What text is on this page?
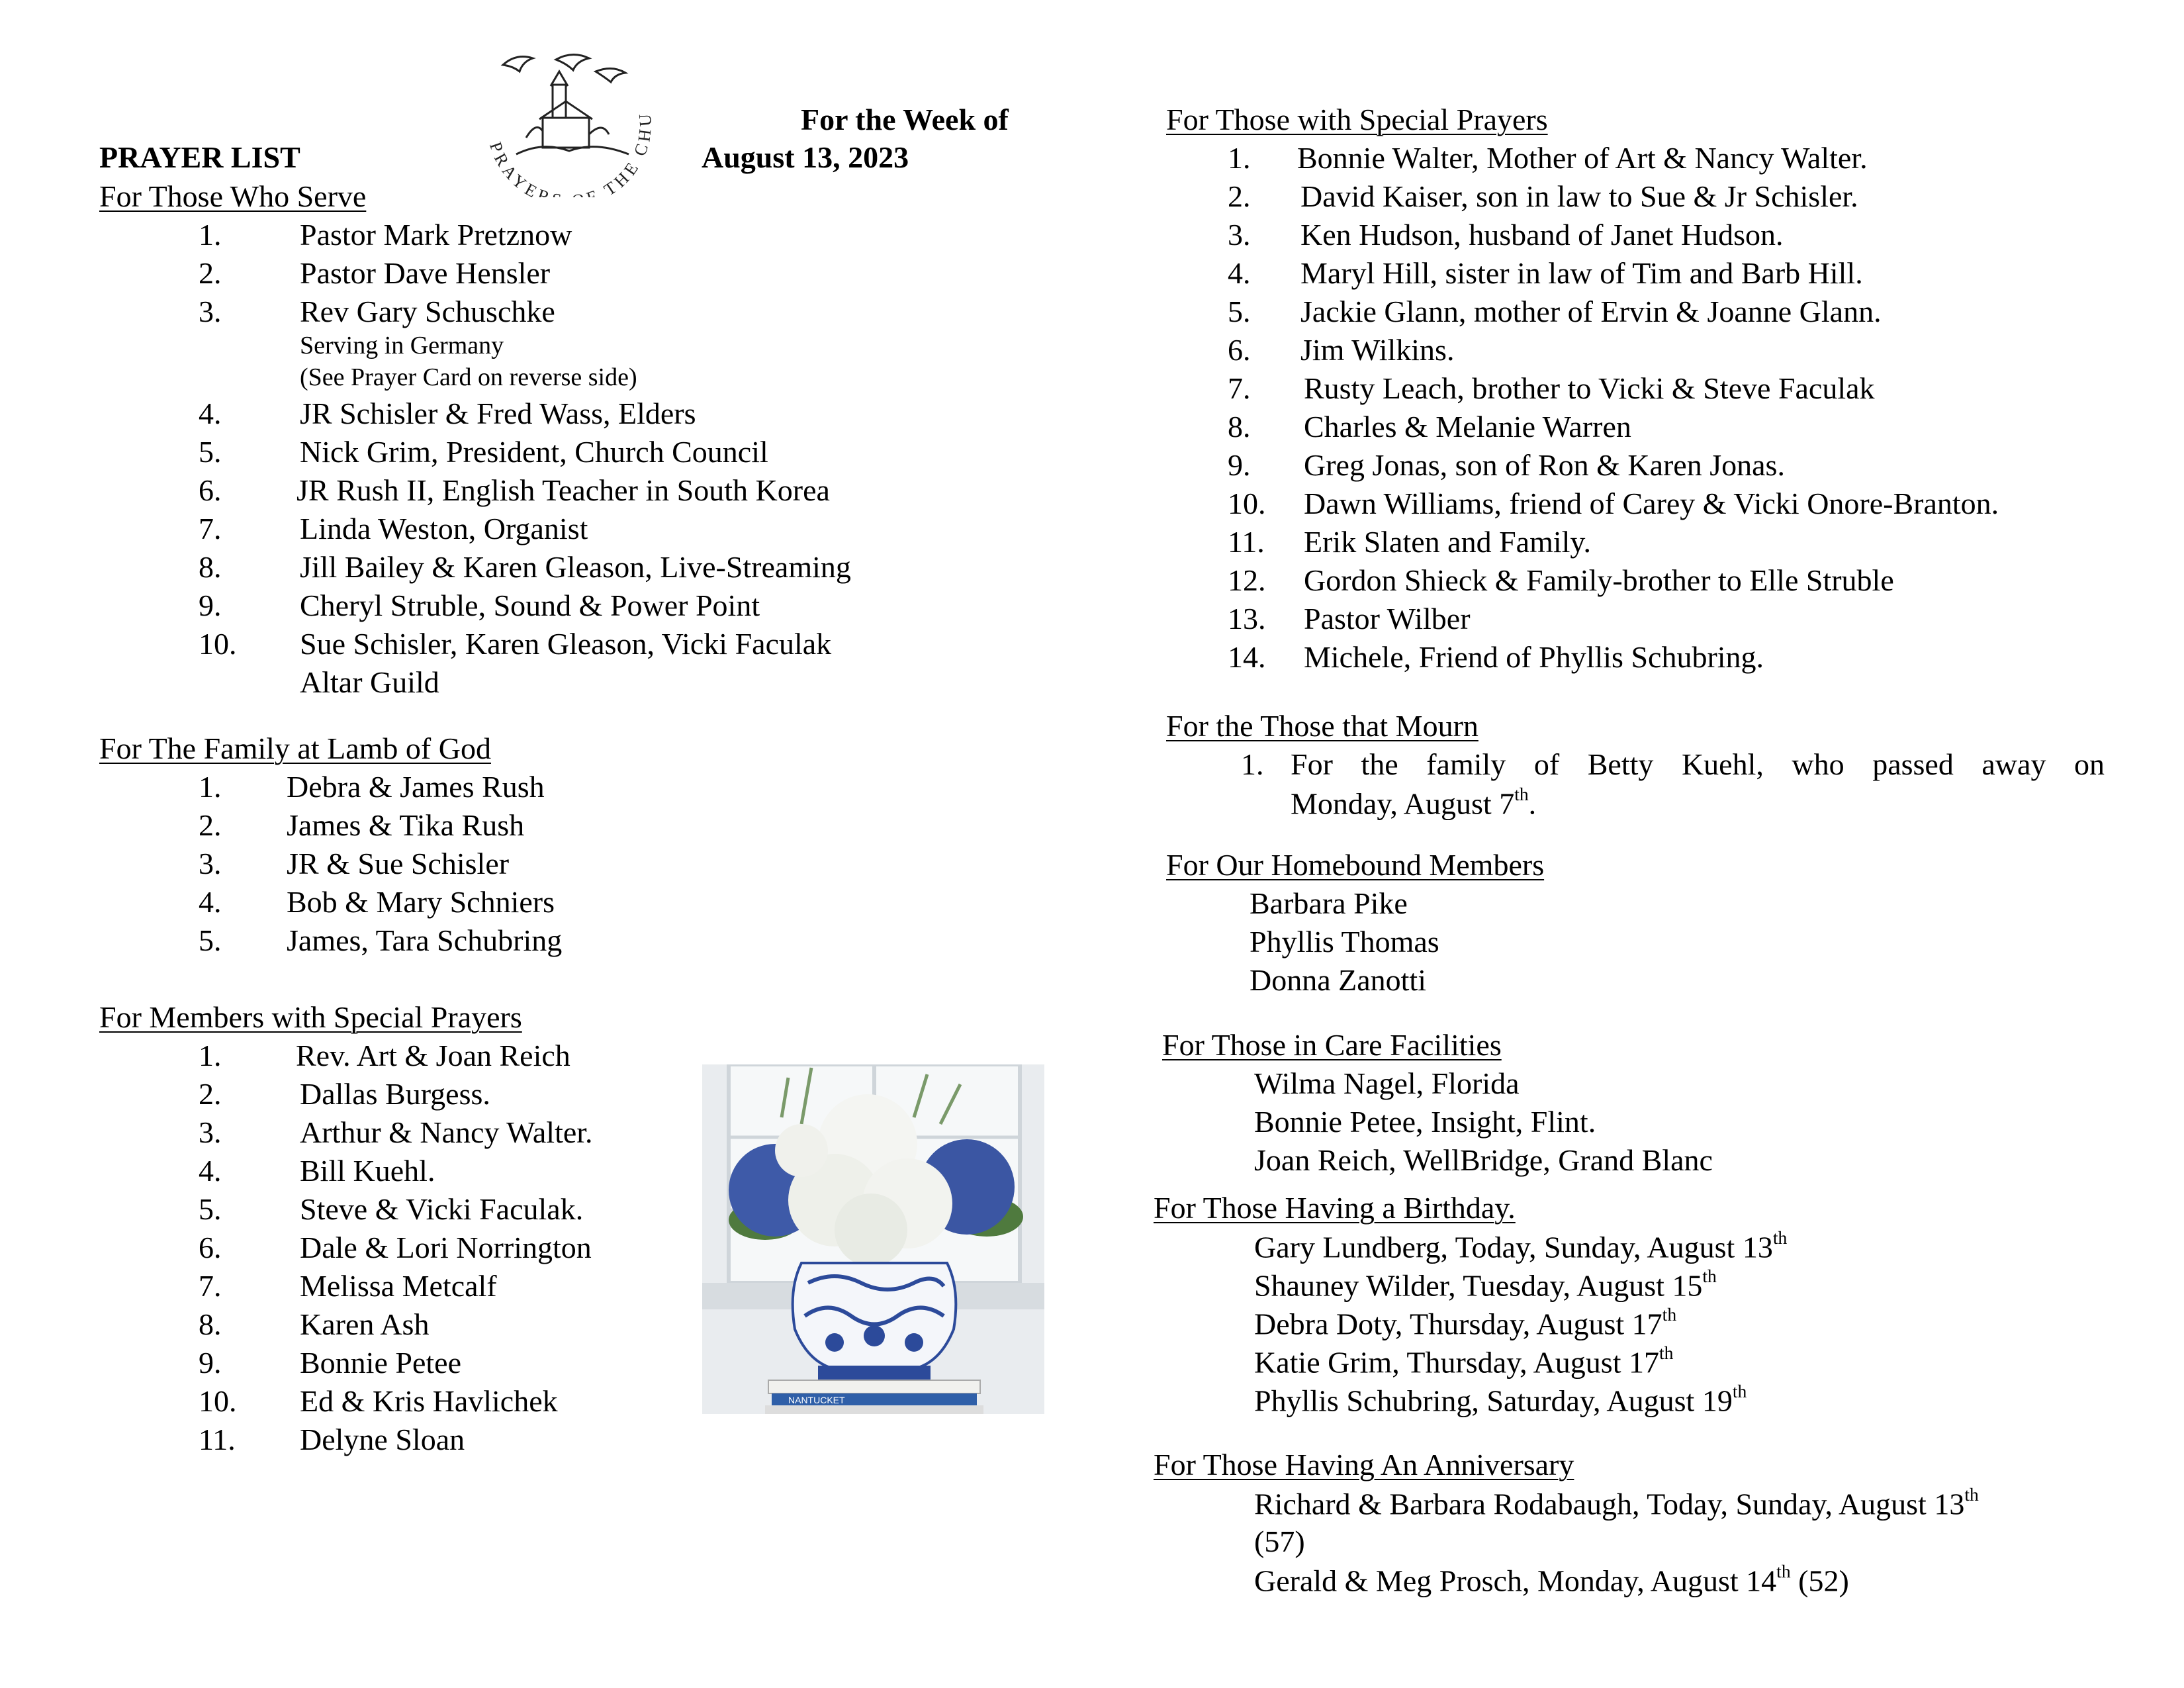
PRAYER F THE CHU	For the Week of
PRAYER LIST	August 13, 2023
For Those Who Serve
1.	Pastor Mark Pretznow
2.	Pastor Dave Hensler
3.	Rev Gary Schuschke
Serving in Germany
(See Prayer Card on reverse side)
4.	JR Schisler & Fred Wass, Elders
5.	Nick Grim, President, Church Council
6. JR Rush II, English Teacher in South Korea
7.	Linda Weston, Organist
8.	Jill Bailey & Karen Gleason, Live-Streaming
9.	Cheryl Struble, Sound & Power Point
10. Sue Schisler, Karen Gleason, Vicki Faculak
Altar Guild
For The Family at Lamb of God
1. Debra & James Rush
2. James & Tika Rush
3. JR & Sue Schisler
4. Bob & Mary Schniers
5. James, Tara Schubring
For Members with Special Prayers
1. Rev. Art & Joan Reich
2.	Dallas Burgess.
3.	Arthur & Nancy Walter.
4.	Bill Kuehl.
5.	Steve & Vicki Faculak.
6.	Dale & Lori Norrington
7.	Melissa Metcalf
8.	Karen Ash
9.	Bonnie Petee
10. Ed & Kris Havlichek
11. Delyne Sloan
NANTUCKET
For Those with Special Prayers
1. Bonnie Walter, Mother of Art & Nancy Walter.
2. David Kaiser, son in law to Sue & Jr Schisler.
3. Ken Hudson, husband of Janet Hudson.
4. Maryl Hill, sister in law of Tim and Barb Hill.
5. Jackie Glann, mother of Ervin & Joanne Glann.
6. Jim Wilkins.
7. Rusty Leach, brother to Vicki & Steve Faculak
8. Charles & Melanie Warren
9. Greg Jonas, son of Ron & Karen Jonas.
10. Dawn Williams, friend of Carey & Vicki Onore-Branton.
11. Erik Slaten and Family.
12. Gordon Shieck & Family-brother to Elle Struble
13. Pastor Wilber
14. Michele, Friend of Phyllis Schubring.
For the Those that Mourn
1. For the family of Betty Kuehl, who passed away on
Monday, August 7th.
For Our Homebound Members
Barbara Pike
Phyllis Thomas
Donna Zanotti
For Those in Care Facilities
Wilma Nagel, Florida
Bonnie Petee, Insight, Flint.
Joan Reich, WellBridge, Grand Blanc
For Those Having a Birthday.
Gary Lundberg, Today, Sunday, August 13th
Shauney Wilder, Tuesday, August 15th
Debra Doty, Thursday, August 17th
Katie Grim, Thursday, August 17th
Phyllis Schubring, Saturday, August 19th
For Those Having An Anniversary
Richard & Barbara Rodabaugh, Today, Sunday, August 13th
(57)
Gerald & Meg Prosch, Monday, August 14th (52)
